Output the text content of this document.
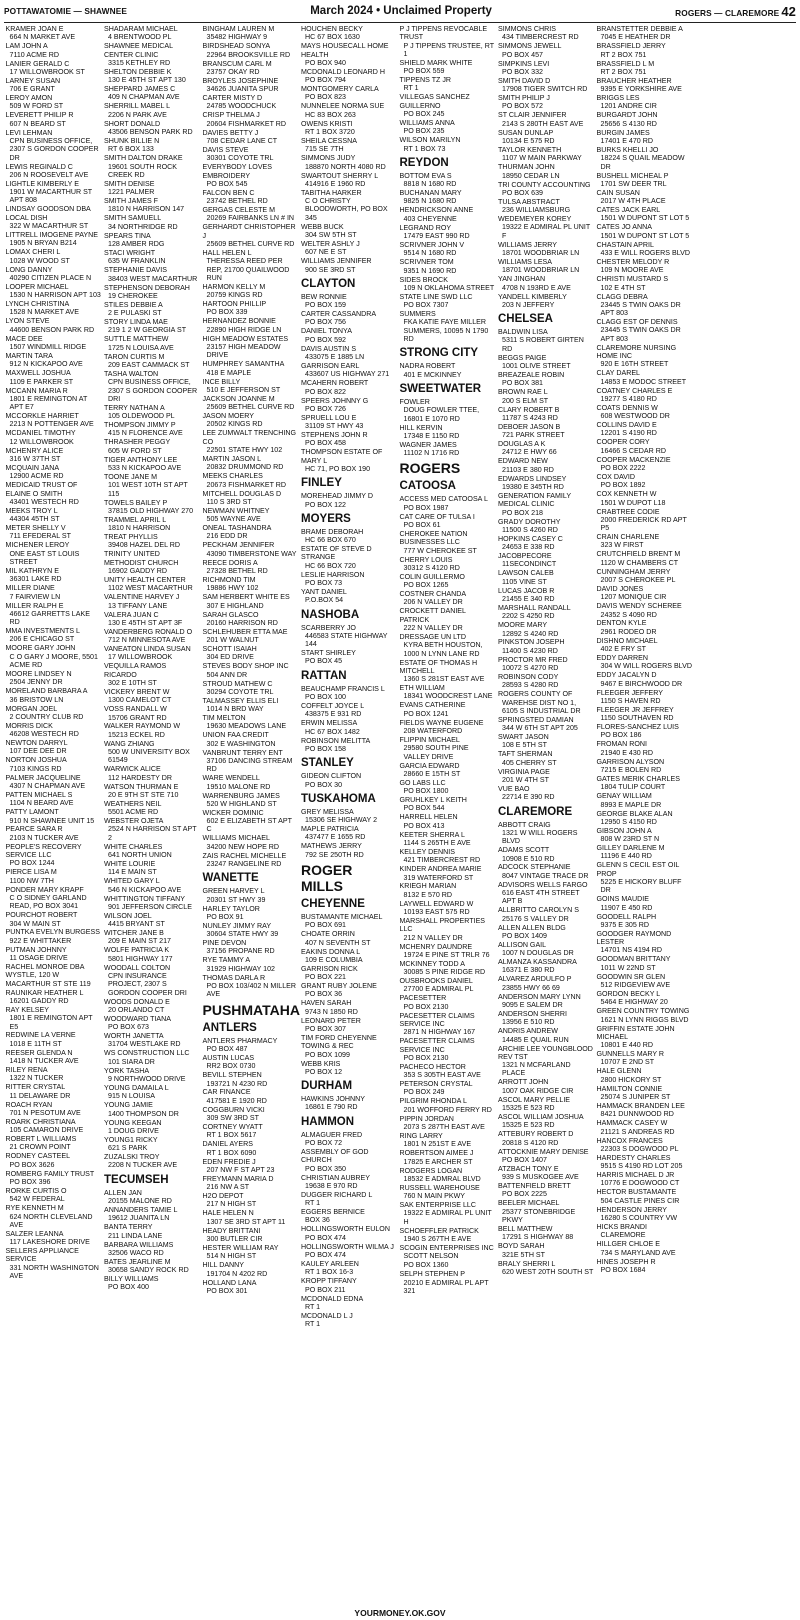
POTTAWATOMIE — SHAWNEE	March 2024 • Unclaimed Property	ROGERS — CLAREMORE 42
KRAMER JOAN E
664 N MARKET AVE
LAM JOHN A
7110 ACME RD
LANIER GERALD C
17 WILLOWBROOK ST
LARNEY SUSAN
706 E GRANT
LEROY AMON
509 W FORD ST
LEVERETT PHILIP R
607 N BEARD ST
LEVI LEHMAN
CPN BUSINESS OFFICE, 2307 S GORDON COOPER DR
LEWIS REGINALD C
206 N ROOSEVELT AVE
LIGHTLE KIMBERLY E
1901 W MACARTHUR ST APT 808
LINDSAY GOODSON DBA LOCAL DISH
322 W MACARTHUR ST
LITTRELL IMOGENE PAYNE
1905 N BRYAN B214
LOMAX CHERI L
1028 W WOOD ST
LONG DANNY
40290 CITIZEN PLACE N
LOOPER MICHAEL
1530 N HARRISON APT 103
LYNCH CHRISTINA
1528 N MARKET AVE
LYON STEVE
44600 BENSON PARK RD
MACE DEE
1507 WINDMILL RIDGE
MARTIN TARA
912 N KICKAPOO AVE
MAXWELL JOSHUA
1109 E PARKER ST
MCCANN MARIA R
1801 E REMINGTON AT APT E7
MCCORKLE HARRIET
2213 N POTTENGER AVE
MCDANIEL TIMOTHY
12 WILLOWBROOK
MCHENRY ALICE
316 W 37TH ST
MCQUAIN JANA
12900 ACME RD
MEDICAID TRUST OF ELAINE O SMITH
43401 WESTECH RD
MEEKS TROY L
44304 45TH ST
METER SHELLY V
711 EFEDERAL ST
MICHENER LEROY
ONE EAST ST LOUIS STREET
MIL KATHRYN E
36301 LAKE RD
MILLER DIANE
7 FAIRVIEW LN
MILLER RALPH E
46612 GARRETTS LAKE RD
MMA INVESTMENTS L
206 E CHICAGO ST
MOORE GARY JOHN
C O GARY J MOORE, 5501 ACME RD
MOORE LINDSEY N
2504 JENNY DR
MORELAND BARBARA A
36 BRISTOW LN
MORGAN JOEL
2 COUNTRY CLUB RD
MORRIS DICK
46208 WESTECH RD
NEWTON DARRYL
107 DEE DEE DR
NORTON JOSHUA
7103 KINGS RD
PALMER JACQUELINE
4307 N CHAPMAN AVE
PATTEN MICHAEL S
1104 N BEARD AVE
PATTY LAMONT
910 N SHAWNEE UNIT 15
PEARCE SARA R
2103 N TUCKER AVE
PEOPLE'S RECOVERY SERVICE LLC
PO BOX 1244
PIERCE LISA M
1100 NW 7TH
PONDER MARY KRAPF
C O SIDNEY GARLAND READ, PO BOX 3041
POURCHOT ROBERT
304 W MAIN ST
PUNTKA EVELYN BURGESS
922 E WHITTAKER
PUTMAN JOHNNY
11 OSAGE DRIVE
RACHEL MONROE DBA WYSTLE, 120 W MACARTHUR ST STE 119
RAUNIKAR HEATHER L
16201 GADDY RD
RAY KELSEY
1801 E REMINGTON APT E5
REDWINE LA VERNE
1018 E 11TH ST
REESER GLENDA N
1418 N TUCKER AVE
RILEY RENA
1322 N TUCKER
RITTER CRYSTAL
11 DELAWARE DR
ROACH RYAN
701 N PESOTUM AVE
ROARK CHRISTIANA
105 CAMARON DRIVE
ROBERT L WILLIAMS
21 CROWN POINT
RODNEY CASTEEL
PO BOX 3626
ROMBERG FAMILY TRUST
PO BOX 396
RORKE CURTIS O
542 W FEDERAL
RYE KENNETH M
624 NORTH CLEVELAND AVE
SALZER LEANNA
117 LAKESHORE DRIVE
SELLERS APPLIANCE SERVICE
331 NORTH WASHINGTON AVE
SHADARAM MICHAEL
4 BRENTWOOD PL
SHAWNEE MEDICAL CENTER CLINIC
3315 KETHLEY RD
SHELTON DEBBIE K
130 E 45TH ST APT 130
SHEPPARD JAMES C
409 N CHAPMAN AVE
SHERRILL MABEL L
2206 N PARK AVE
SHORT DONALD
43506 BENSON PARK RD
SHUNK BILLIE N
RT 6 BOX 133
SMITH DALTON DRAKE
19601 SOUTH ROCK CREEK RD
SMITH DENISE
1221 PALMER
SMITH JAMES F
1810 N HARRISON 147
SMITH SAMUELL
34 NORTHRIDGE RD
SPEARS TINA
128 AMBER RDG
STACI WRIGHT
635 W FRANKLIN
STEPHANIE DAVIS
38403 WEST MACARTHUR
STEPHENSON DEBORAH
19 CHEROKEE
STILES DEBBIE A
2 E PULASKI ST
STORY LINDA MAE
219 1 2 W GEORGIA ST
SUTTLE MATTHEW
1725 N LOUISA AVE
TARON CURTIS M
209 EAST CAMMACK ST
TASHA WALTON
CPN BUSINESS OFFICE, 2307 S GORDON COOPER DRI
TERRY NATHAN A
105 OLDEWOOD PL
THOMPSON JIMMY P
415 N FLORENCE AVE
THRASHER PEGGY
605 W FORD ST
TIGER ANTHONY LEE
533 N KICKAPOO AVE
TOONE JANE M
101 WEST 10TH ST APT 115
TOWELS BAILEY P
37815 OLD HIGHWAY 270
TRAMMEL APRIL L
1810 N HARRISON
TREAT PHYLLIS
39408 HAZEL DEL RD
TRINITY UNITED METHODIST CHURCH
16902 GADDY RD
UNITY HEALTH CENTER
1102 WEST MACARTHUR
VALENTINE HARVEY J
13 TIFFANY LANE
VALERA JUAN C
130 E 45TH ST APT 3F
VANDERBERG RONALD O
712 N MINNESOTA AVE
VANEATON LINDA SUSAN
17 WILLOWBROOK
VEQUILLA RAMOS RICARDO
302 E 10TH ST
VICKERY BRENT W
1300 CAMELOT CT
VOSS RANDALL W
15706 GRANT RD
WALKER RAYMOND W
15213 ECKEL RD
WANG ZHIANG
500 W UNIVERSITY BOX 61549
WARWICK ALICE
112 HARDESTY DR
WATSON THURMAN E
20 E 9TH ST STE 710
WEATHERS NEIL
5501 ACME RD
WEBSTER OJETA
2524 N HARRISON ST APT 2
WHITE CHARLES
641 NORTH UNION
WHITE LOURIE
114 E MAIN ST
WHITED GARY L
546 N KICKAPOO AVE
WHITTINGTON TIFFANY
901 JEFFERSON CIRCLE
WILSON JOEL
4415 BRYANT ST
WITCHER JANE B
209 E MAIN ST 217
WOLFE PATRICIA K
5801 HIGHWAY 177
WOODALL COLTON
CPN INSURANCE PROJECT, 2307 S GORDON COOPER DRI
WOODS DONALD E
20 ORLANDO CT
WOODWARD TIANA
PO BOX 673
WORTH JANETTA
31704 WESTLAKE RD
WS CONSTRUCTION LLC
101 SIARA DR
YORK TASHA
9 NORTHWOOD DRIVE
YOUNG DAMAILA L
915 N LOUISA
YOUNG JAMIE
1400 THOMPSON DR
YOUNG KEEGAN
1 DOUG DRIVE
YOUNG1 RICKY
621 S PARK
ZUZALSKI TROY
2208 N TUCKER AVE
TECUMSEH
ALLEN JAN
20155 MALONE RD
ANNANDERS TAMIE L
19612 JUANITA LN
BANTA TERRY
211 LINDA LANE
BARBARA WILLIAMS
32506 WACO RD
BATES JEARLINE M
30658 SANDY ROCK RD
BILLY WILLIAMS
PO BOX 400
BINGHAM LAUREN M
35482 HIGHWAY 9
BIRDSHEAD SONYA
22964 BROOKSVILLE RD
BRANSCUM CARL M
23757 OKAY RD
BROYLES JOSEPHINE
34626 JUANITA SPUR
CARTER MISTY D
24785 WOODCHUCK
CRISP THELMA J
20604 FISHMARKET RD
DAVIES BETTY J
708 CEDAR LANE CT
DAVIS STEVE
30301 COYOTE TRL
EVERYBODY LOVES EMBROIDERY
PO BOX 545
FALCON BEN C
23742 BETHEL RD
GERGAS CELESTE M
20269 FAIRBANKS LN # IN
GERHARDT CHRISTOPHER J
25609 BETHEL CURVE RD
HALL HELEN L
THERESSA REED PER REP, 21700 QUAILWOOD RUN
HARMON KELLY M
20759 KINGS RD
HARTOON PHILLIP
PO BOX 339
HERNANDEZ BONNIE
22890 HIGH RIDGE LN
HIGH MEADOW ESTATES
23157 HIGH MEADOW DRIVE
HUMPHREY SAMANTHA
418 E MAPLE
INCE BILLY
510 E JEFFERSON ST
JACKSON JOANNE M
25609 BETHEL CURVE RD
JASON MOERY
20502 KINGS RD
LEE ZUMWALT TRENCHING CO
22501 STATE HWY 102
MARTIN JASON L
20832 DRUMMOND RD
MEEKS CHARLES
20673 FISHMARKET RD
MITCHELL DOUGLAS D
110 S 3RD ST
NEWMAN WHITNEY
505 WAYNE AVE
ONEAL TASHANDRA
216 EDD DR
PECKHAM JENNIFER
43090 TIMBERSTONE WAY
REECE DORIS A
27328 BETHEL RD
RICHMOND TIM
19886 HWY 102
SAM HERBERT WHITE ES
307 E HIGHLAND
SARAH GLASCO
20160 HARRISON RD
SCHLEHUBER ETTA MAE
201 W WALNUT
SCHOTT ISAIAH
304 ED DRIVE
STEVES BODY SHOP INC
504 ANN DR
STROUD MATHEW C
30294 COYOTE TRL
TALMASSEY ELLIS ELI
1014 N BRD WAY
TIM MELTON
19630 MEADOWS LANE
UNION FAA CREDIT
302 E WASHINGTON
VANBRUNT TERRY ENT
37106 DANCING STREAM RD
WARE WENDELL
19510 MALONE RD
WARRENBURG JAMES
520 W HIGHLAND ST
WICKER DOMINIC
602 E ELIZABETH ST APT C
WILLIAMS MICHAEL
34200 NEW HOPE RD
ZAIS RACHEL MICHELLE
23247 RANGELINE RD
WANETTE
GREEN HARVEY L
20301 ST HWY 39
HARLEY TAYLOR
PO BOX 91
NUNLEY JIMMY RAY
30604 STATE HWY 39
PINE DEVON
37156 PROPANE RD
RYE TAMMY A
31929 HIGHWAY 102
THOMAS DARLA R
PO BOX 103/402 N MILLER AVE
PUSHMATAHA
ANTLERS
ANTLERS PHARMACY
PO BOX 487
AUSTIN LUCAS
RR2 BOX 0730
BEVILL STEPHEN
193721 N 4230 RD
CAR FINANCE
417581 E 1920 RD
COGGBURN VICKI
309 SW 3RD ST
CORTNEY WYATT
RT 1 BOX 5617
DANIEL AYERS
RT 1 BOX 6090
EDEN FREDIE J
207 NW F ST APT 23
FREYMANN MARIA D
216 NW A ST
H2O DEPOT
217 N HIGH ST
HALE HELEN N
1307 SE 3RD ST APT 11
HEADY BRITTANI
300 BUTLER CIR
HESTER WILLIAM RAY
514 N HIGH ST
HILL DANNY
191704 N 4202 RD
HOLLAND LANA
PO BOX 301
HOUCHEN BECKY
HC 67 BOX 1630
MAYS HOUSECALL HOME HEALTH
PO BOX 940
MCDONALD LEONARD H
PO BOX 794
MONTGOMERY CARLA
PO BOX 823
NUNNELEE NORMA SUE
HC 83 BOX 263
OWENS KRISTI
RT 1 BOX 3720
SHEILA CESSNA
715 SE 7TH
SIMMONS JUDY
188870 NORTH 4080 RD
SWARTOUT SHERRY L
414916 E 1960 RD
TABITHA HARKER
C O CHRISTY BLOODWORTH, PO BOX 345
WEBB BUCK
304 SW 5TH ST
WELTER ASHLY J
607 NE E ST
WILLIAMS JENNIFER
900 SE 3RD ST
CLAYTON
BEW RONNIE
PO BOX 159
CARTER CASSANDRA
PO BOX 756
DANIEL TONYA
PO BOX 592
DAVIS AUSTIN S
433075 E 1885 LN
GARRISON EARL
433607 US HIGHWAY 271
MCAHERN ROBERT
PO BOX 822
SPEERS JOHNNY G
PO BOX 726
SPRUELL LOU E
31109 ST HWY 43
STEPHENS JOHN R
PO BOX 458
THOMPSON ESTATE OF MARY L
HC 71, PO BOX 190
FINLEY
MOREHEAD JIMMY D
PO BOX 122
MOYERS
BRAME DEBORAH
HC 66 BOX 670
ESTATE OF STEVE D STRANGE
HC 66 BOX 720
LESLIE HARRISON
PO BOX 73
YANT DANIEL
P.O.BOX 54
NASHOBA
SCARBERRY JO
446583 STATE HIGHWAY 144
START SHIRLEY
PO BOX 45
RATTAN
BEAUCHAMP FRANCIS L
PO BOX 100
COFFELT JOYCE L
438375 E 931 RD
ERWIN MELISSA
HC 67 BOX 1482
ROBINSON MELITTA
PO BOX 158
STANLEY
GIDEON CLIFTON
PO BOX 30
TUSKAHOMA
GREY MELISSA
15306 SE HIGHWAY 2
MAPLE PATRICIA
437477 E 1655 RD
MATHEWS JERRY
792 SE 250TH RD
ROGER MILLS
CHEYENNE
BUSTAMANTE MICHAEL
PO BOX 691
CHOATE ORRIN
407 N SEVENTH ST
EAKINS DONNA L
109 E COLUMBIA
GARRISON RICK
PO BOX 221
GRANT RUBY JOLENE
PO BOX 36
HAVEN SARAH
9743 N 1850 RD
LEONARD PETER
PO BOX 307
TIM FORD CHEYENNE TOWING & REC
PO BOX 1099
WEBB KRIS
PO BOX 12
DURHAM
HAWKINS JOHNNY
16861 E 790 RD
HAMMON
ALMAGUER FRED
PO BOX 72
ASSEMBLY OF GOD CHURCH
PO BOX 350
CHRISTIAN AUBREY
19638 E 970 RD
DUGGER RICHARD L
RT 1
EGGERS BERNICE
BOX 36
HOLLINGSWORTH EULON
PO BOX 474
HOLLINGSWORTH WILMA J
PO BOX 474
KAULEY ARLEEN
RT 1 BOX 16-3
KROPP TIFFANY
PO BOX 211
MCDONALD EDNA
RT 1
MCDONALD L J
RT 1
P J TIPPENS REVOCABLE TRUST
P J TIPPENS TRUSTEE, RT 1
SHIELD MARK WHITE
PO BOX 559
TIPPENS TZ JR
RT 1
VILLEGAS SANCHEZ GUILLERNO
PO BOX 245
WILLIAMS ANNA
PO BOX 235
WILSON MARILYN
RT 1 BOX 73
REYDON
BOTTOM EVA S
8818 N 1680 RD
BUCHANAN MARY
9825 N 1680 RD
HENDRICKSON ANNE
403 CHEYENNE
LEGRAND ROY
17479 EAST 990 RD
SCRIVNER JOHN V
9514 N 1680 RD
SCRIVNER TOM
9351 N 1690 RD
SIDES BROCK
109 N OKLAHOMA STREET
STATE LINE SWD LLC
PO BOX 7307
SUMMERS
FKA KATIE FAYE MILLER SUMMERS, 10095 N 1790 RD
STRONG CITY
NADRA ROBERT
401 E MCKINNEY
SWEETWATER
FOWLER
DOUG FOWLER TTEE, 16801 E 1070 RD
HILL KERVIN
17348 E 1150 RD
WAGNER JAMES
11102 N 1716 RD
ROGERS
CATOOSA
ACCESS MED CATOOSA L
PO BOX 1987
CAT CARE OF TULSA I
PO BOX 61
CHEROKEE NATION BUSINESSES LLC
777 W CHEROKEE ST
CHERRY LOUIS
30312 S 4120 RD
COLIN GUILLERMO
PO BOX 1265
COSTNER CHANDA
206 N VALLEY DR
CROCKETT DANIEL PATRICK
222 N VALLEY DR
DRESSAGE UN LTD
KYRA BETH HOUSTON, 1000 N LYNN LANE RD
ESTATE OF THOMAS H MITCHELL
1360 S 281ST EAST AVE
ETH WILLIAM
18341 WOODCREST LANE
EVANS CATHERINE
PO BOX 1241
FIELDS WAYNE EUGENE
208 WATERFORD
FLIPPIN MICHAEL
29580 SOUTH PINE VALLEY DRIVE
GARCIA EDWARD
28660 E 15TH ST
GO LABS LLC
PO BOX 1800
GRUHLKEY L KEITH
PO BOX 544
HARRELL HELEN
PO BOX 413
KEETER SHERRA L
1144 S 265TH E AVE
KELLEY DENNIS
421 TIMBERCREST RD
KINDER ANDREA MARIE
319 WATERFORD ST
KRIEGH MARIAN
8132 E 570 RD
LAYWELL EDWARD W
10193 EAST 575 RD
MARSHALL PROPERTIES LLC
212 N VALLEY DR
MCHENRY DAUNDRE
19724 E PINE ST TRLR 76
MCKINNEY TODD A
30085 S PINE RIDGE RD
OUSBROOKS DANIEL
27700 E ADMIRAL PL
PACESETTER
PO BOX 2130
PACESETTER CLAIMS SERVICE INC
2871 N HIGHWAY 167
PACESETTER CLAIMS SERVICE INC
PO BOX 2130
PACHECO HECTOR
353 S 305TH EAST AVE
PETERSON CRYSTAL
PO BOX 249
PILGRIM RHONDA L
201 WOFFORD FERRY RD
PIPPIN JORDAN
2073 S 287TH EAST AVE
RING LARRY
1801 N 251ST E AVE
ROBERTSON AIMEE J
17825 E ARCHER ST
RODGERS LOGAN
18532 E ADMRAL BLVD
RUSSELL WAREHOUSE
760 N MAIN PKWY
SAK ENTERPRISE LLC
19322 E ADMIRAL PL UNIT H
SCHOEFFLER PATRICK
1940 S 267TH E AVE
SCOGIN ENTERPRISES INC
SCOTT NELSON
PO BOX 1360
SELPH STEPHEN P
20210 E ADMIRAL PL APT 321
SIMMONS CHRIS
434 TIMBERCREST RD
SIMMONS JEWELL
PO BOX 457
SIMPKINS LEVI
PO BOX 332
SMITH DAVID D
17908 TIGER SWITCH RD
SMITH PHILIP J
PO BOX 572
ST CLAIR JENNIFER
2143 S 280TH EAST AVE
SUSAN DUNLAP
10134 E 575 RD
TAYLOR KENNETH
1107 W MAIN PARKWAY
THURMAN JOHN
18950 CEDAR LN
TRI COUNTY ACCOUNTING
PO BOX 639
TULSA ABSTRACT
236 WILLIAMSBURG
WEDEMEYER KOREY
19322 E ADMIRAL PL UNIT F
WILLIAMS JERRY
18701 WOODBRIAR LN
WILLIAMS LESA
18701 WOODBRIAR LN
YAN JINGHAN
4708 N 193RD E AVE
YANDELL KIMBERLY
203 N JEFFERY
CHELSEA
BALDWIN LISA
5311 S ROBERT GIRTEN RD
BEGGS PAIGE
1001 OLIVE STREET
BREAZEALE ROBIN
PO BOX 381
BROWN RAE L
200 S ELM ST
CLARY ROBERT B
11787 S 4243 RD
DEBOER JASON B
721 PARK STREET
DOUGLAS A K
24712 E HWY 66
EDWARD NEW
21103 E 380 RD
EDWARDS LINDSEY
19380 E 345TH RD
GENERATION FAMILY MEDICAL CLINIC
PO BOX 218
GRADY DOROTHY
11500 S 4260 RD
HOPKINS CASEY C
24653 E 338 RD
JACOBPECORE
11SECONDINCT
LAWSON CALEB
1105 VINE ST
LUCAS JACOB R
21455 E 340 RD
MARSHALL RANDALL
2202 S 4250 RD
MOORE MARY
12892 S 4240 RD
PINKSTON JOSEPH
11400 S 4230 RD
PROCTOR MR FRED
10072 S 4270 RD
ROBINSON CODY
28593 S 4280 RD
ROGERS COUNTY OF
WAREHSE DIST NO 1, 6105 S INDUSTRIAL DR
SPRINGSTED DAMIAN
344 W 6TH ST APT 205
SWART JASON
108 E 5TH ST
TAFT SHERMAN
405 CHERRY ST
VIRGINIA PAGE
201 W 4TH ST
VUE BAO
22714 E 390 RD
CLAREMORE
ABBOTT CRAIG
1321 W WILL ROGERS BLVD
ADAMS SCOTT
10908 E 510 RD
ADCOCK STEPHANIE
8047 VINTAGE TRACE DR
ADVISORS WELLS FARGO
616 EAST 4TH STREET APT B
ALLBRITTO CAROLYN S
25176 S VALLEY DR
ALLEN ALLEN BLDG
PO BOX 1409
ALLISON GAIL
1007 N DOUGLAS DR
ALMANZA KASSANDRA
16371 E 380 RD
ALVAREZ ARDULFO P
23855 HWY 66 69
ANDERSON MARY LYNN
9095 E SALEM DR
ANDERSON SHERRI
13956 E 510 RD
ANDRIS ANDREW
14485 E QUAIL RUN
ARCHIE LEE YOUNGBLOOD REV TST
1321 N MCFARLAND PLACE
ARROTT JOHN
1007 OAK RIDGE CIR
ASCOL MARY PELLIE
15325 E 523 RD
ASCOL WILLIAM JOSHUA
15325 E 523 RD
ATTEBURY ROBERT D
20818 S 4120 RD
ATTOCKNIE MARY DENISE
PO BOX 1407
ATZBACH TONY E
939 S MUSKOGEE AVE
BATTENFIELD BRETT
PO BOX 2225
BEELER MICHAEL
25377 STONEBRIDGE PKWY
BELL MATTHEW
17291 S HIGHWAY 88
BOYD SARAH
321E 5TH ST
BRALY SHERRI L
620 WEST 20TH SOUTH ST
BRANSTETTER DEBBIE A
7045 E HEATHER DR
BRASSFIELD JERRY
RT 2 BOX 751
BRASSFIELD L M
RT 2 BOX 751
BRAUCHER HEATHER
9395 E YORKSHIRE AVE
BRIGGS LES
1201 ANDRE CIR
BURGARDT JOHN
25656 S 4130 RD
BURGIN JAMES
17401 E 470 RD
BURKS KHELLI JO
18224 S QUAIL MEADOW DR
BUSHELL MICHEAL P
1701 SW DEER TRL
CAIN SUSAN
2017 W 4TH PLACE
CATES JACK EARL
1501 W DUPONT ST LOT 5
CATES JO ANNA
1501 W DUPONT ST LOT 5
CHASTAIN APRIL
433 E WILL ROGERS BLVD
CHESTER MELODY R
109 N MOORE AVE
CHRISTI MUSTARD S
102 E 4TH ST
CLAGG DEBRA
23445 S TWIN OAKS DR APT 803
CLAGG EST OF DENNIS
23445 S TWIN OAKS DR APT 803
CLAREMORE NURSING HOME INC
920 E 16TH STREET
CLAY DAREL
14853 E MODOC STREET
COATNEY CHARLES E
19277 S 4180 RD
COATS DENNIS W
608 WESTWOOD DR
COLLINS DAVID E
12201 S 4190 RD
COOPER CORY
16466 S CEDAR RD
COOPER MACKENZIE
PO BOX 2222
COX DAVID
PO BOX 1892
COX KENNETH W
1501 W DUPOT L18
CRABTREE CODIE
2000 FREDERICK RD APT P5
CRAIN CHARLENE
323 W FIRST
CRUTCHFIELD BRENT M
1120 W CHAMBERS CT
CUNNINGHAM JERRY
2007 S CHEROKEE PL
DAVID JONES
1207 MONIQUE CIR
DAVIS WENDY SCHEREE
24352 S 4090 RD
DENTON KYLE
2961 RODEO DR
DISHNO MICHAEL
402 E FRY ST
EDDY DARREN
304 W WILL ROGERS BLVD
EDDY JACALYN D
9467 E BIRCHWOOD DR
FLEEGER JEFFERY
1150 S HAVEN RD
FLEEGER JR JEFFREY
1150 SOUTHAVEN RD
FLORES-SANCHEZ LUIS
PO BOX 186
FROMAN RONI
21940 E 430 RD
GARRISON ALYSON
7215 E BOLEN RD
GATES MERIK CHARLES
1804 TULIP COURT
GENAY WILLIAM
8993 E MAPLE DR
GEORGE BLAKE ALAN
12950 S 4150 RD
GIBSON JOHN A
808 W 23RD ST N
GILLEY DARLENE M
11196 E 440 RD
GLENN S CECIL EST OIL PROP
5225 E HICKORY BLUFF DR
GOINS MAUDIE
11907 E 450 RD
GOODELL RALPH
9375 E 305 RD
GOODGER RAYMOND LESTER
14701 NS 4194 RD
GOODMAN BRITTANY
1011 W 22ND ST
GOODWIN SR GLEN
512 RIDGEVIEW AVE
GORDON BECKY L
5464 E HIGHWAY 20
GREEN COUNTRY TOWING
1621 N LYNN RIGGS BLVD
GRIFFIN ESTATE JOHN MICHAEL
10801 E 440 RD
GUNNELLS MARY R
10707 E 2ND ST
HALE GLENN
2800 HICKORY ST
HAMILTON CONNIE
25074 S JUNIPER ST
HAMMACK BRANDEN LEE
8421 DUNNWOOD RD
HAMMACK CASEY W
21121 S ANDREAS RD
HANCOX FRANCES
22303 S DOGWOOD PL
HARDESTY CHARLES
9515 S 4190 RD LOT 205
HARRIS MICHAEL D JR
10776 E DOGWOOD CT
HECTOR BUSTAMANTE
504 CASTLE PINES CIR
HENDERSON JERRY
16280 S COUNTRY VW
HICKS BRANDI
CLAREMORE
HILLGER CHLOE E
734 S MARYLAND AVE
HINES JOSEPH R
PO BOX 1684
YOURMONEY.OK.GOV
